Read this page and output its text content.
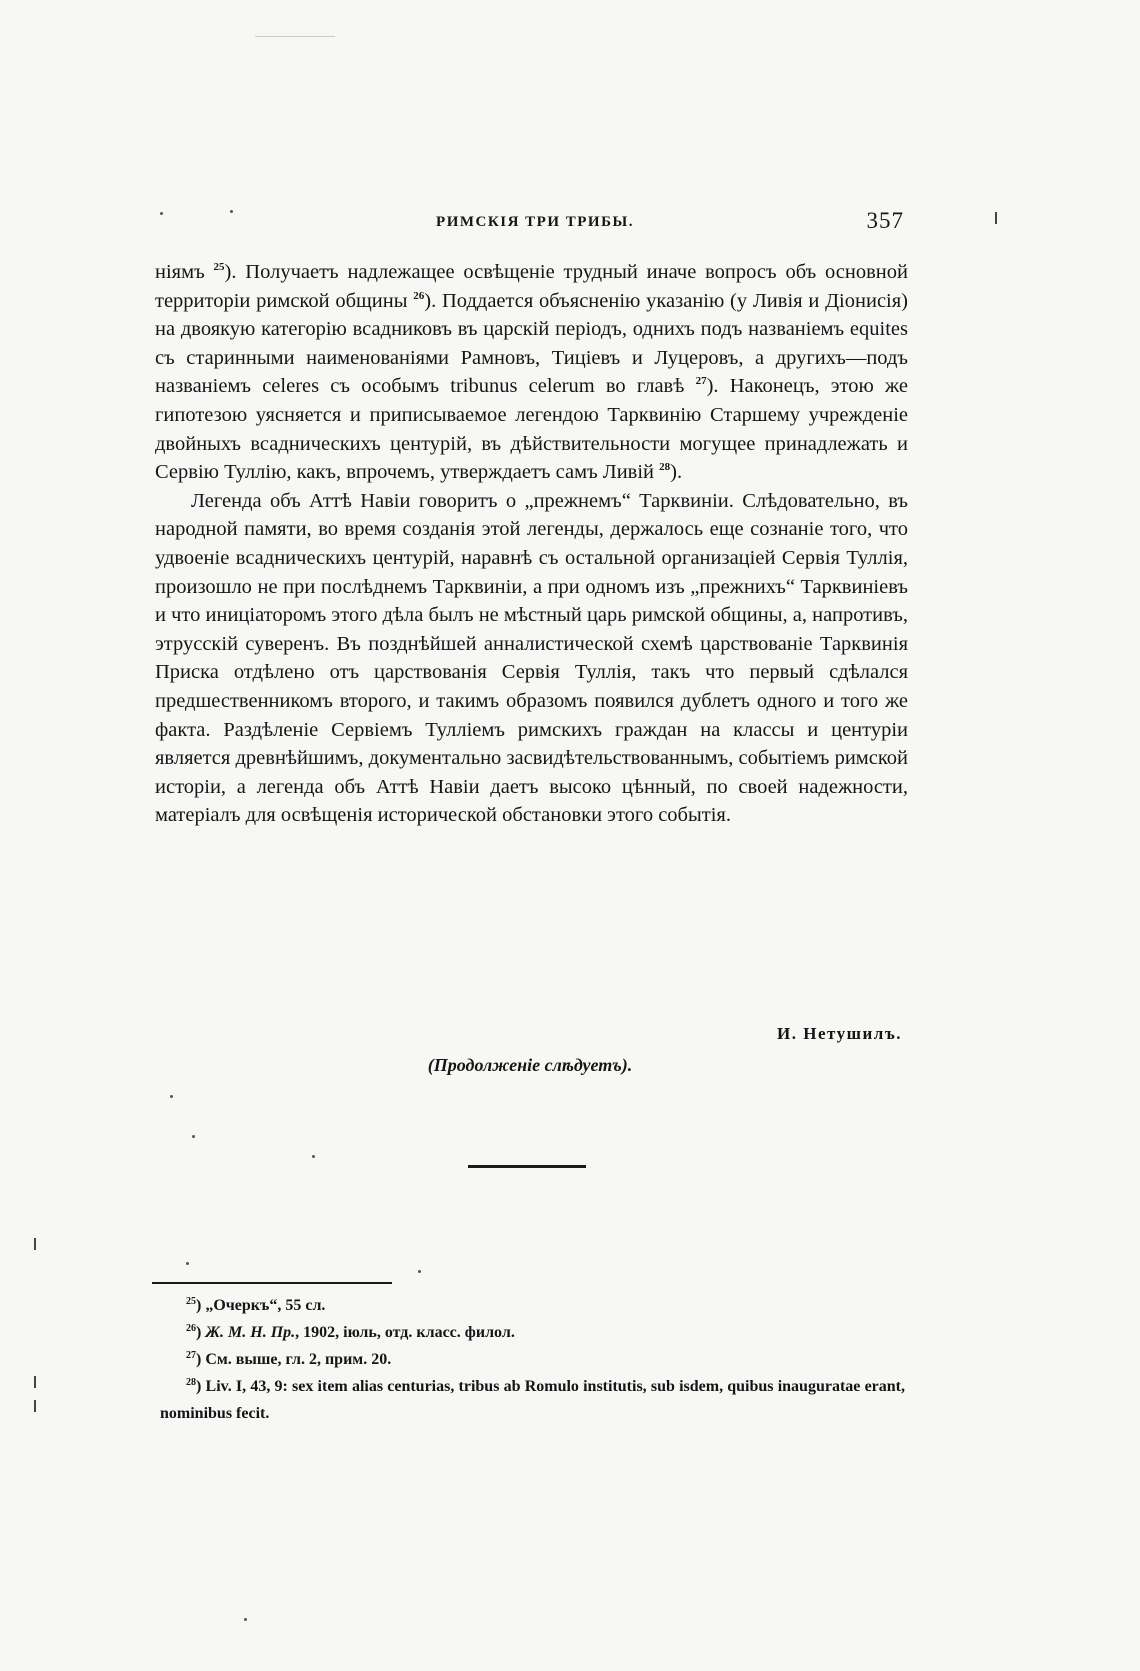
РИМСКІЯ ТРИ ТРИБЫ.	357

ніямъ $^{25}$). Получаетъ надлежащее освѣщеніе трудный иначе вопросъ объ основной территоріи римской общины $^{26}$). Поддается объясненію указанію (у Ливія и Діонисія) на двоякую категорію всадниковъ въ царскій періодъ, однихъ подъ названіемъ equites съ старинными наименованіями Рамновъ, Тиціевъ и Луцеровъ, а другихъ—подъ названіемъ celeres съ особымъ tribunus celerum во главѣ $^{27}$). Наконецъ, этою же гипотезою уясняется и приписываемое легендою Тарквинію Старшему учрежденіе двойныхъ всадническихъ центурій, въ дѣйствительности могущее принадлежать и Сервію Туллію, какъ, впрочемъ, утверждаетъ самъ Ливій $^{28}$).

Легенда объ Аттѣ Навіи говоритъ о „прежнемъ“ Тарквиніи. Слѣдовательно, въ народной памяти, во время созданія этой легенды, держалось еще сознаніе того, что удвоеніе всадническихъ центурій, наравнѣ съ остальной организаціей Сервія Туллія, произошло не при послѣднемъ Тарквиніи, а при одномъ изъ „прежнихъ“ Тарквиніевъ и что иниціаторомъ этого дѣла былъ не мѣстный царь римской общины, а, напротивъ, этрусскій суверенъ. Въ позднѣйшей анналистической схемѣ царствованіе Тарквинія Приска отдѣлено отъ царствованія Сервія Туллія, такъ что первый сдѣлался предшественникомъ второго, и такимъ образомъ появился дублетъ одного и того же факта. Раздѣленіе Сервіемъ Тулліемъ римскихъ граждан на классы и центуріи является древнѣйшимъ, документально засвидѣтельствованнымъ, событіемъ римской исторіи, а легенда объ Аттѣ Навіи даетъ высоко цѣнный, по своей надежности, матеріалъ для освѣщенія исторической обстановки этого событія.

И. Нетушилъ.
(Продолженіе слѣдуетъ).

$^{25}$) „Очеркъ“, 55 сл.

$^{26}$) Ж. М. Н. Пр., 1902, іюль, отд. класс. филол.

$^{27}$) См. выше, гл. 2, прим. 20.

$^{28}$) Liv. I, 43, 9: sex item alias centurias, tribus ab Romulo institutis, sub isdem, quibus inauguratae erant, nominibus fecit.
